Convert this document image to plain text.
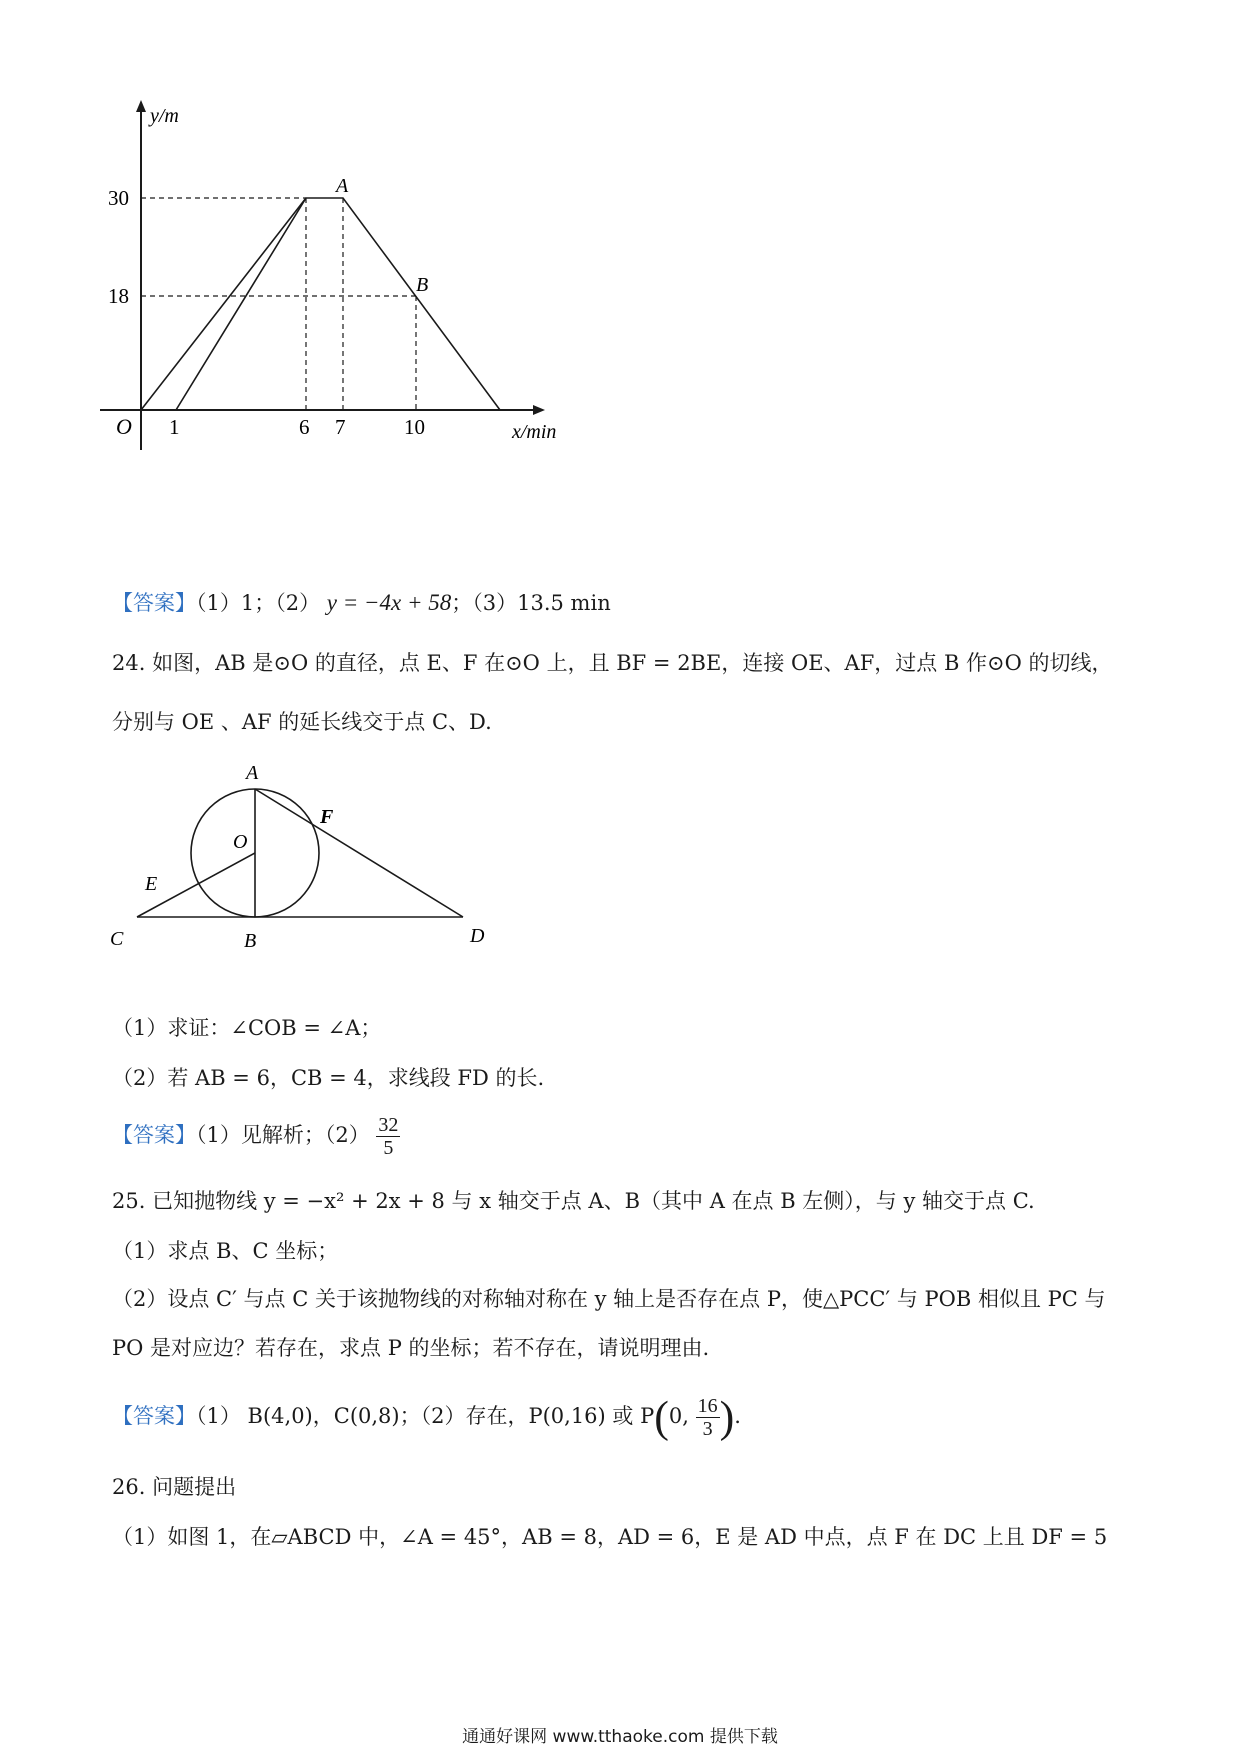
y/m
x/min
O
30
18
1	6 7	10
A
B
【答案】（1）1；（2） y = −4x + 58；（3）13.5 min
24. 如图，AB 是⊙O 的直径，点 E、F 在⊙O 上，且 BF = 2BE，连接 OE、AF，过点 B 作⊙O 的切线，
分别与 OE 、AF 的延长线交于点 C、D.
A
F
O
E
C	B	D
（1）求证：∠COB = ∠A；
（2）若 AB = 6，CB = 4，求线段 FD 的长.
【答案】（1）见解析；$(2) \frac{32}{5}$
25. 已知抛物线 y = −x² + 2x + 8 与 x 轴交于点 A、B（其中 A 在点 B 左侧），与 y 轴交于点 C.
（1）求点 B、C 坐标；
（2）设点 C′ 与点 C 关于该抛物线的对称轴对称在 y 轴上是否存在点 P，使△PCC′ 与 POB 相似且 PC 与
PO 是对应边？若存在，求点 P 的坐标；若不存在，请说明理由.
【答案】（1） B(4,0)，C(0,8)；（2）存在，P(0,16) 或 P(0, $\frac{16}{3}$ ).
26. 问题提出
（1）如图 1，在▱ABCD 中，∠A = 45°，AB = 8，AD = 6，E 是 AD 中点，点 F 在 DC 上且 DF = 5
通通好课网 www.tthaoke.com 提供下载
